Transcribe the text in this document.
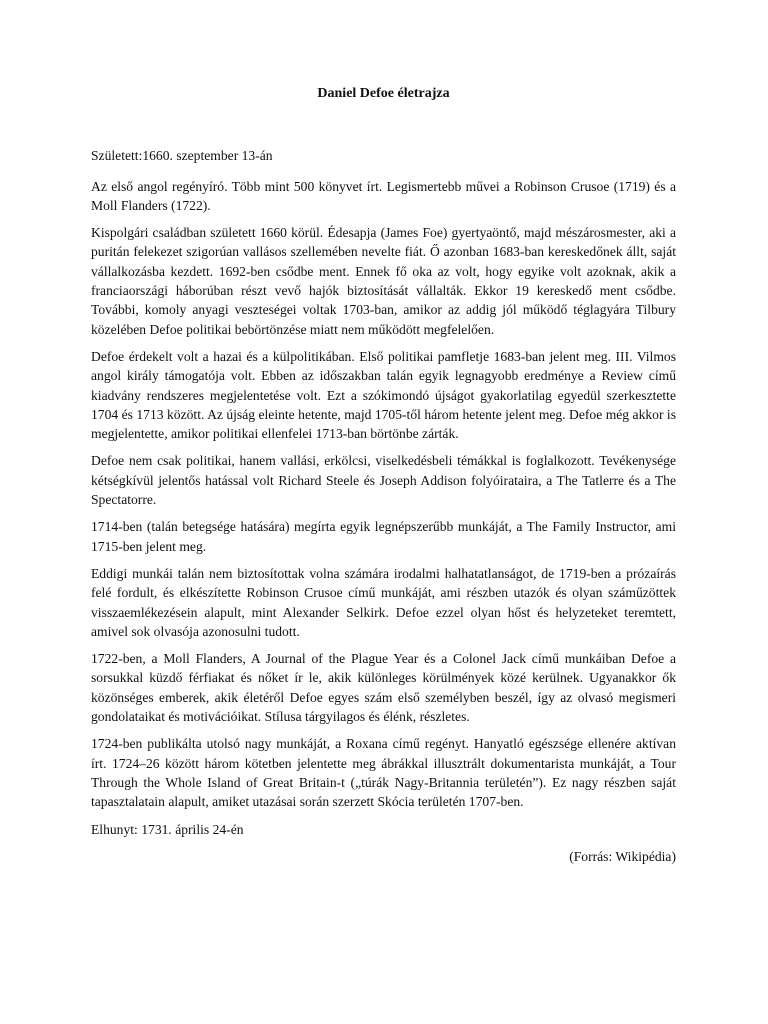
Daniel Defoe életrajza

Született:1660. szeptember 13-án

Az első angol regényíró. Több mint 500 könyvet írt. Legismertebb művei a Robinson Crusoe (1719) és a Moll Flanders (1722).

Kispolgári családban született 1660 körül. Édesapja (James Foe) gyertyaöntő, majd mészárosmester, aki a puritán felekezet szigorúan vallásos szellemében nevelte fiát. Ő azonban 1683-ban kereskedőnek állt, saját vállalkozásba kezdett. 1692-ben csődbe ment. Ennek fő oka az volt, hogy egyike volt azoknak, akik a franciaországi háborúban részt vevő hajók biztosítását vállalták. Ekkor 19 kereskedő ment csődbe. További, komoly anyagi veszteségei voltak 1703-ban, amikor az addig jól működő téglagyára Tilbury közelében Defoe politikai bebörtönzése miatt nem működött megfelelően.

Defoe érdekelt volt a hazai és a külpolitikában. Első politikai pamfletje 1683-ban jelent meg. III. Vilmos angol király támogatója volt. Ebben az időszakban talán egyik legnagyobb eredménye a Review című kiadvány rendszeres megjelentetése volt. Ezt a szókimondó újságot gyakorlatilag egyedül szerkesztette 1704 és 1713 között. Az újság eleinte hetente, majd 1705-től három hetente jelent meg. Defoe még akkor is megjelentette, amikor politikai ellenfelei 1713-ban börtönbe zárták.

Defoe nem csak politikai, hanem vallási, erkölcsi, viselkedésbeli témákkal is foglalkozott. Tevékenysége kétségkívül jelentős hatással volt Richard Steele és Joseph Addison folyóirataira, a The Tatlerre és a The Spectatorre.

1714-ben (talán betegsége hatására) megírta egyik legnépszerűbb munkáját, a The Family Instructor, ami 1715-ben jelent meg.

Eddigi munkái talán nem biztosítottak volna számára irodalmi halhatatlanságot, de 1719-ben a prózaírás felé fordult, és elkészítette Robinson Crusoe című munkáját, ami részben utazók és olyan száműzöttek visszaemlékezésein alapult, mint Alexander Selkirk. Defoe ezzel olyan hőst és helyzeteket teremtett, amivel sok olvasója azonosulni tudott.

1722-ben, a Moll Flanders, A Journal of the Plague Year és a Colonel Jack című munkáiban Defoe a sorsukkal küzdő férfiakat és nőket ír le, akik különleges körülmények közé kerülnek. Ugyanakkor ők közönséges emberek, akik életéről Defoe egyes szám első személyben beszél, így az olvasó megismeri gondolataikat és motivációikat. Stílusa tárgyilagos és élénk, részletes.

1724-ben publikálta utolsó nagy munkáját, a Roxana című regényt. Hanyatló egészsége ellenére aktívan írt. 1724–26 között három kötetben jelentette meg ábrákkal illusztrált dokumentarista munkáját, a Tour Through the Whole Island of Great Britain-t („túrák Nagy-Britannia területén”). Ez nagy részben saját tapasztalatain alapult, amiket utazásai során szerzett Skócia területén 1707-ben.

Elhunyt: 1731. április 24-én

(Forrás: Wikipédia)
